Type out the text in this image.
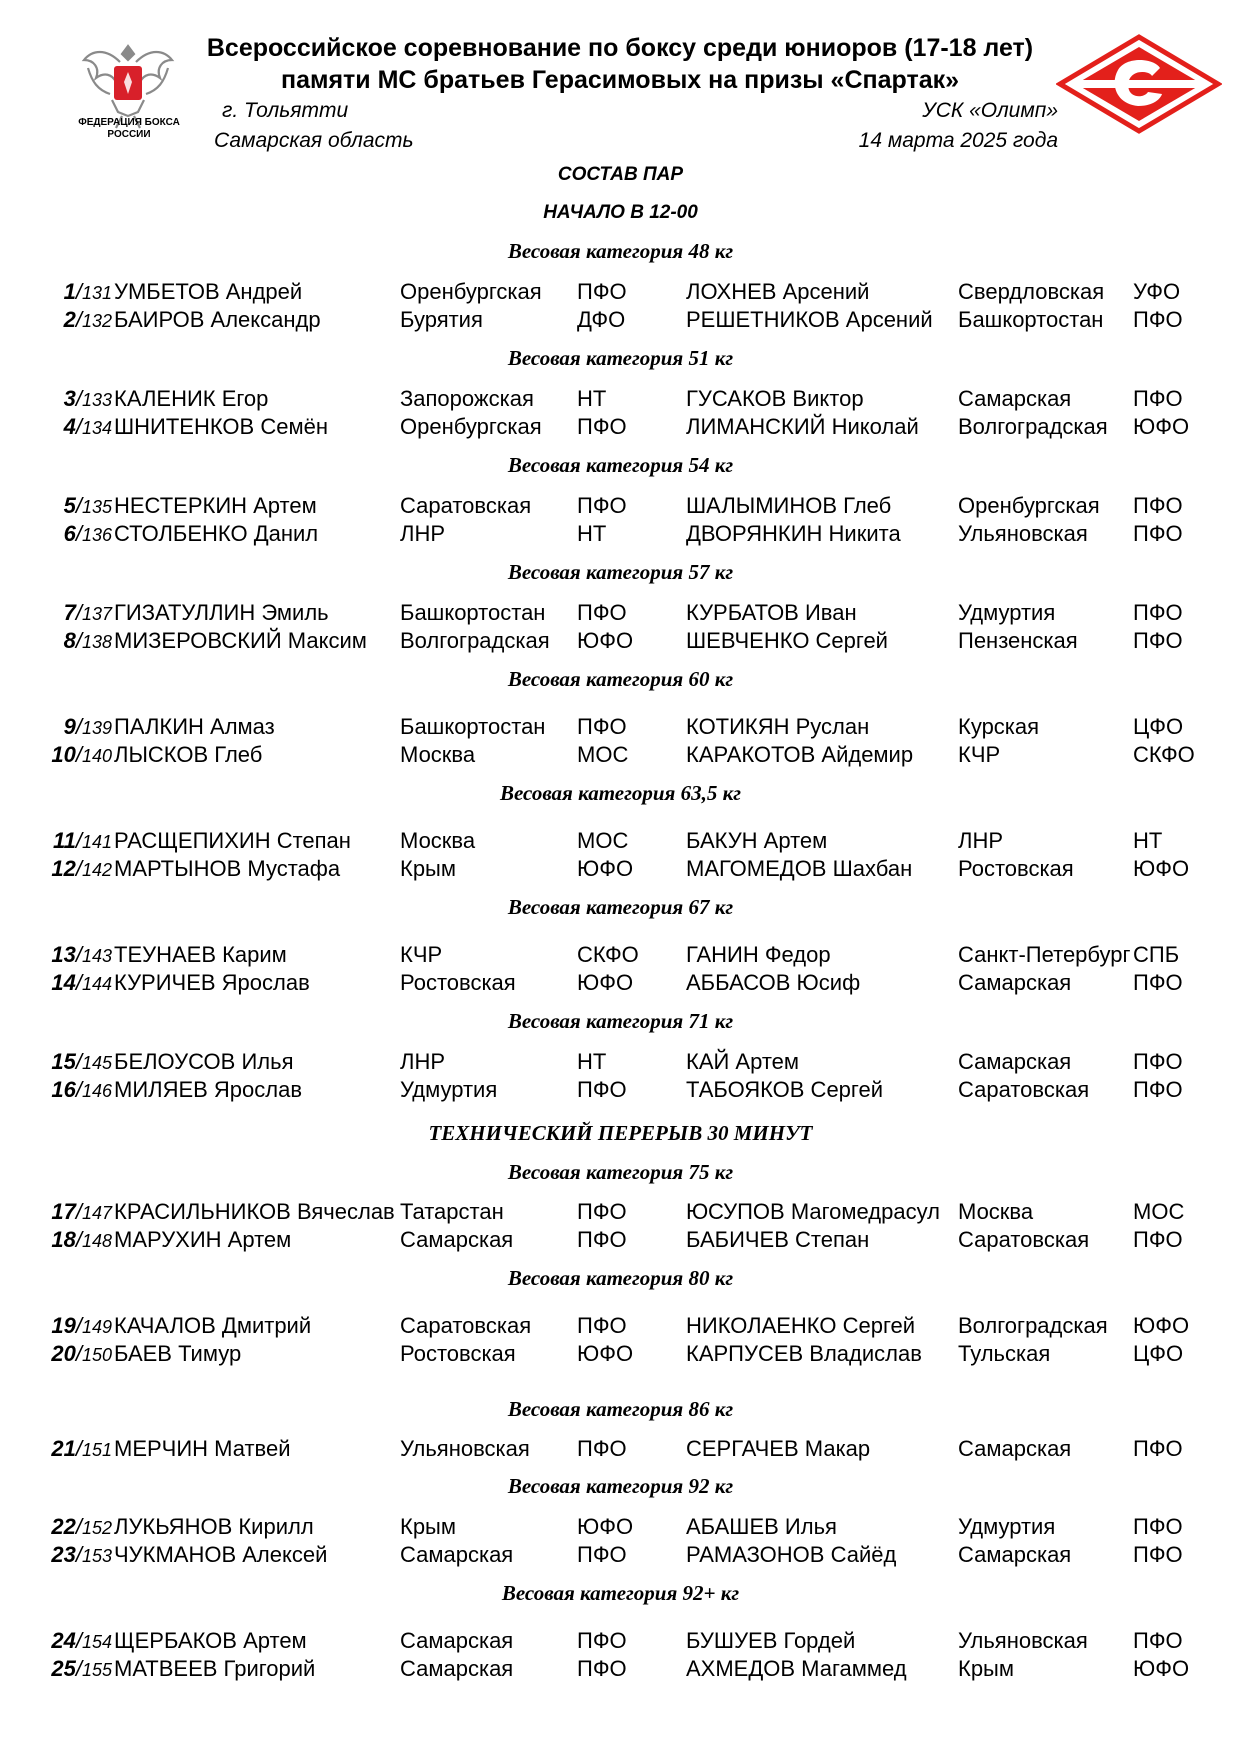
ФЕДЕРАЦИЯ БОКСА РОССИИ
Всероссийское соревнование по боксу среди юниоров (17-18 лет)
памяти МС братьев Герасимовых на призы «Спартак»
г. Тольятти
Самарская область
УСК «Олимп»
14 марта 2025 года
СОСТАВ ПАР
НАЧАЛО В 12-00
Весовая категория 48 кг
1/131 УМБЕТОВ Андрей	Оренбургская ПФО	ЛОХНЕВ Арсений	Свердловская УФО
2/132 БАИРОВ Александр	Бурятия	ДФО	РЕШЕТНИКОВ Арсений Башкортостан ПФО
Весовая категория 51 кг
3/133 КАЛЕНИК Егор	Запорожская НТ	ГУСАКОВ Виктор	Самарская	ПФО
4/134 ШНИТЕНКОВ Семён	Оренбургская ПФО	ЛИМАНСКИЙ Николай Волгоградская ЮФО
Весовая категория 54 кг
5/135 НЕСТЕРКИН Артем	Саратовская ПФО	ШАЛЫМИНОВ Глеб	Оренбургская ПФО
6/136 СТОЛБЕНКО Данил	ЛНР	НТ	ДВОРЯНКИН Никита	Ульяновская ПФО
Весовая категория 57 кг
7/137 ГИЗАТУЛЛИН Эмиль	Башкортостан ПФО	КУРБАТОВ Иван	Удмуртия	ПФО
8/138 МИЗЕРОВСКИЙ Максим Волгоградская ЮФО ШЕВЧЕНКО Сергей	Пензенская	ПФО
Весовая категория 60 кг
9/139 ПАЛКИН Алмаз	Башкортостан ПФО	КОТИКЯН Руслан	Курская	ЦФО
10/140 ЛЫСКОВ Глеб	Москва	МОС	КАРАКОТОВ Айдемир КЧР	СКФО
Весовая категория 63,5 кг
11/141 РАСЩЕПИХИН Степан Москва	МОС	БАКУН Артем	ЛНР	НТ
12/142 МАРТЫНОВ Мустафа	Крым	ЮФО МАГОМЕДОВ Шахбан Ростовская	ЮФО
Весовая категория 67 кг
13/143 ТЕУНАЕВ Карим	КЧР	СКФО ГАНИН Федор	Санкт-Петербург СПБ
14/144 КУРИЧЕВ Ярослав	Ростовская	ЮФО АББАСОВ Юсиф	Самарская	ПФО
Весовая категория 71 кг
15/145 БЕЛОУСОВ Илья	ЛНР	НТ	КАЙ Артем	Самарская	ПФО
16/146 МИЛЯЕВ Ярослав	Удмуртия	ПФО	ТАБОЯКОВ Сергей	Саратовская ПФО
ТЕХНИЧЕСКИЙ ПЕРЕРЫВ 30 МИНУТ
Весовая категория 75 кг
17/147 КРАСИЛЬНИКОВ Вячеслав Татарстан	ПФО	ЮСУПОВ Магомедрасул Москва	МОС
18/148 МАРУХИН Артем	Самарская	ПФО	БАБИЧЕВ Степан	Саратовская ПФО
Весовая категория 80 кг
19/149 КАЧАЛОВ Дмитрий	Саратовская ПФО	НИКОЛАЕНКО Сергей Волгоградская ЮФО
20/150 БАЕВ Тимур	Ростовская	ЮФО КАРПУСЕВ Владислав Тульская	ЦФО
Весовая категория 86 кг
21/151 МЕРЧИН Матвей	Ульяновская ПФО	СЕРГАЧЕВ Макар	Самарская	ПФО
Весовая категория 92 кг
22/152 ЛУКЬЯНОВ Кирилл	Крым	ЮФО АБАШЕВ Илья	Удмуртия	ПФО
23/153 ЧУКМАНОВ Алексей	Самарская	ПФО	РАМАЗОНОВ Сайёд	Самарская	ПФО
Весовая категория 92+ кг
24/154 ЩЕРБАКОВ Артем	Самарская	ПФО	БУШУЕВ Гордей	Ульяновская ПФО
25/155 МАТВЕЕВ Григорий	Самарская	ПФО	АХМЕДОВ Магаммед Крым	ЮФО
